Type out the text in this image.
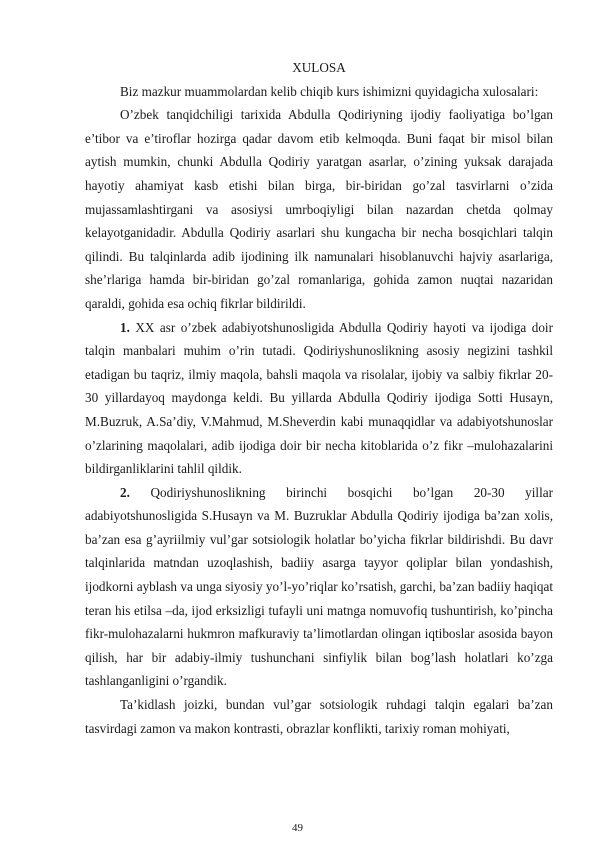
XULOSA

Biz mazkur muammolardan kelib chiqib kurs ishimizni quyidagicha xulosalari:

O’zbek tanqidchiligi tarixida Abdulla Qodiriyning ijodiy faoliyatiga bo’lgan e’tibor va e’tiroflar hozirga qadar davom etib kelmoqda. Buni faqat bir misol bilan aytish mumkin, chunki Abdulla Qodiriy yaratgan asarlar, o’zining yuksak darajada hayotiy ahamiyat kasb etishi bilan birga, bir-biridan go’zal tasvirlarni o’zida mujassamlashtirgani va asosiysi umrboqiyligi bilan nazardan chetda qolmay kelayotganidadir. Abdulla Qodiriy asarlari shu kungacha bir necha bosqichlari talqin qilindi. Bu talqinlarda adib ijodining ilk namunalari hisoblanuvchi hajviy asarlariga, she’rlariga hamda bir-biridan go’zal romanlariga, gohida zamon nuqtai nazaridan qaraldi, gohida esa ochiq fikrlar bildirildi.

1. XX asr o’zbek adabiyotshunosligida Abdulla Qodiriy hayoti va ijodiga doir talqin manbalari muhim o’rin tutadi. Qodiriyshunoslikning asosiy negizini tashkil etadigan bu taqriz, ilmiy maqola, bahsli maqola va risolalar, ijobiy va salbiy fikrlar 20-30 yillardayoq maydonga keldi. Bu yillarda Abdulla Qodiriy ijodiga Sotti Husayn, M.Buzruk, A.Sa’diy, V.Mahmud, M.Sheverdin kabi munaqqidlar va adabiyotshunoslar o’zlarining maqolalari, adib ijodiga doir bir necha kitoblarida o’z fikr –mulohazalarini bildirganliklarini tahlil qildik.

2. Qodiriyshunoslikning birinchi bosqichi bo’lgan 20-30 yillar adabiyotshunosligida S.Husayn va M. Buzruklar Abdulla Qodiriy ijodiga ba’zan xolis, ba’zan esa g’ayriilmiy vul’gar sotsiologik holatlar bo’yicha fikrlar bildirishdi. Bu davr talqinlarida matndan uzoqlashish, badiiy asarga tayyor qoliplar bilan yondashish, ijodkorni ayblash va unga siyosiy yo’l-yo’riqlar ko’rsatish, garchi, ba’zan badiiy haqiqat teran his etilsa –da, ijod erksizligi tufayli uni matnga nomuvofiq tushuntirish, ko’pincha fikr-mulohazalarni hukmron mafkuraviy ta’limotlardan olingan iqtiboslar asosida bayon qilish, har bir adabiy-ilmiy tushunchani sinfiylik bilan bog’lash holatlari ko’zga tashlanganligini o’rgandik.

Ta’kidlash joizki, bundan vul’gar sotsiologik ruhdagi talqin egalari ba’zan tasvirdagi zamon va makon kontrasti, obrazlar konflikti, tarixiy roman mohiyati,

49
